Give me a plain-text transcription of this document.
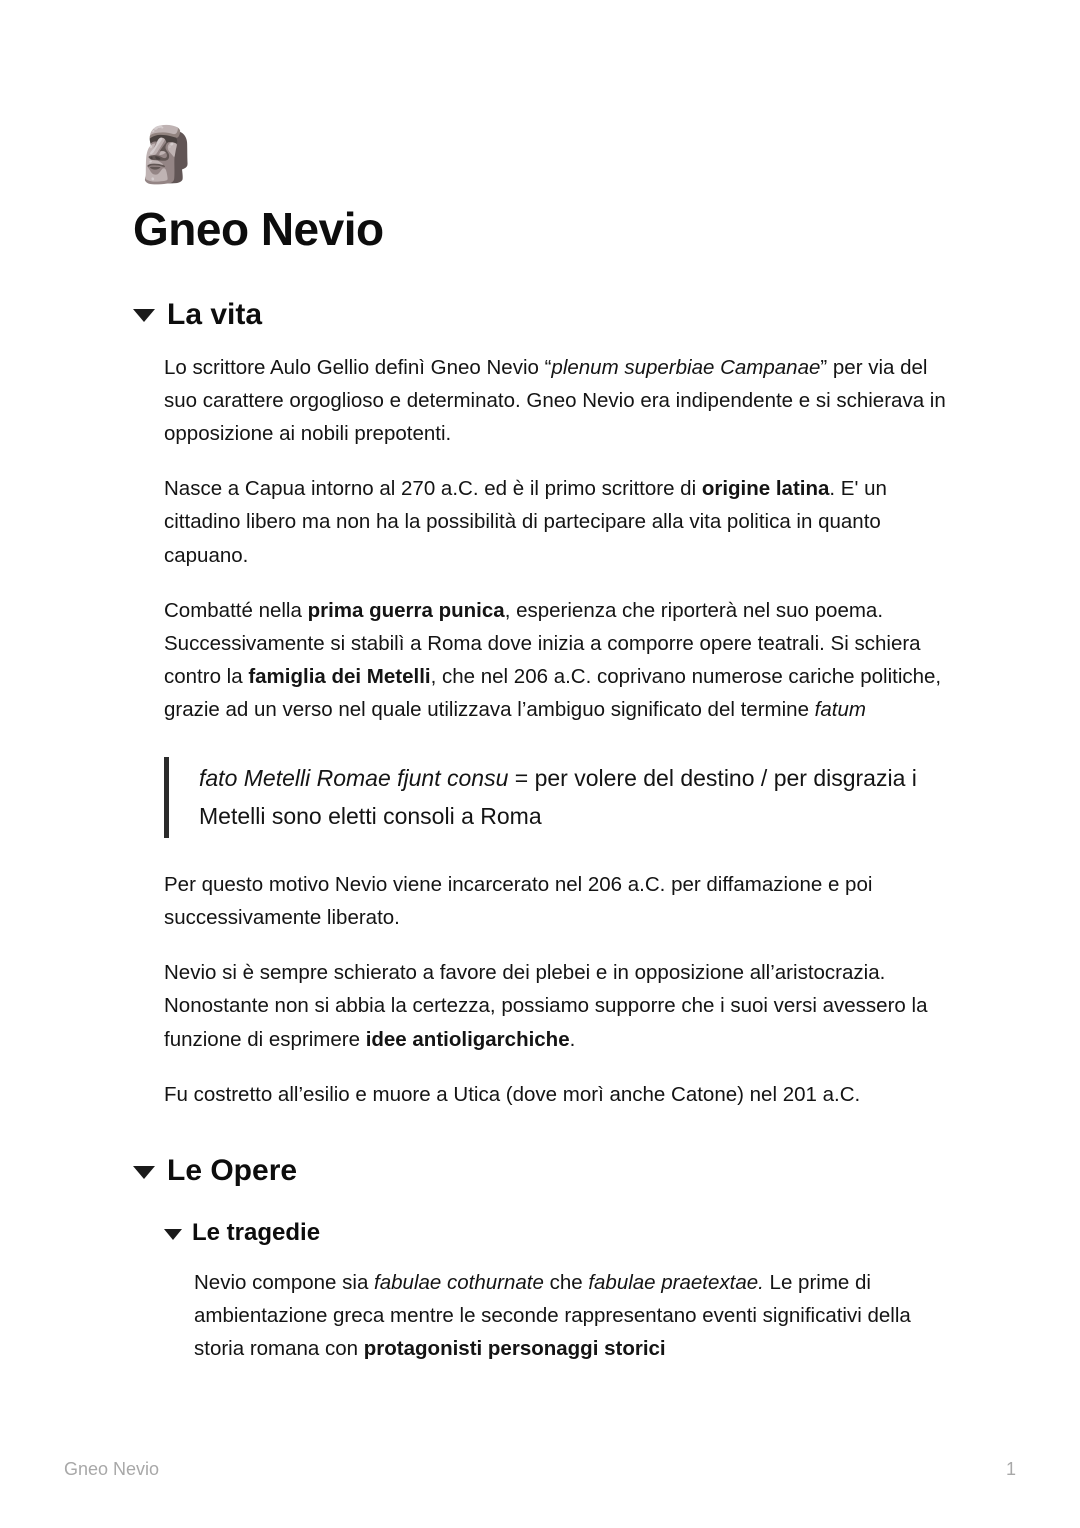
🗿
Gneo Nevio
La vita

Lo scrittore Aulo Gellio definì Gneo Nevio “plenum superbiae Campanae” per via del suo carattere orgoglioso e determinato. Gneo Nevio era indipendente e si schierava in opposizione ai nobili prepotenti.

Nasce a Capua intorno al 270 a.C. ed è il primo scrittore di origine latina. E' un cittadino libero ma non ha la possibilità di partecipare alla vita politica in quanto capuano.

Combatté nella prima guerra punica, esperienza che riporterà nel suo poema. Successivamente si stabilì a Roma dove inizia a comporre opere teatrali. Si schiera contro la famiglia dei Metelli, che nel 206 a.C. coprivano numerose cariche politiche, grazie ad un verso nel quale utilizzava l’ambiguo significato del termine fatum

fato Metelli Romae fjunt consu = per volere del destino / per disgrazia i Metelli sono eletti consoli a Roma

Per questo motivo Nevio viene incarcerato nel 206 a.C. per diffamazione e poi successivamente liberato.

Nevio si è sempre schierato a favore dei plebei e in opposizione all’aristocrazia. Nonostante non si abbia la certezza, possiamo supporre che i suoi versi avessero la funzione di esprimere idee antioligarchiche.

Fu costretto all’esilio e muore a Utica (dove morì anche Catone) nel 201 a.C.

Le Opere
Le tragedie

Nevio compone sia fabulae cothurnate che fabulae praetextae. Le prime di ambientazione greca mentre le seconde rappresentano eventi significativi della storia romana con protagonisti personaggi storici

Gneo Nevio	1
